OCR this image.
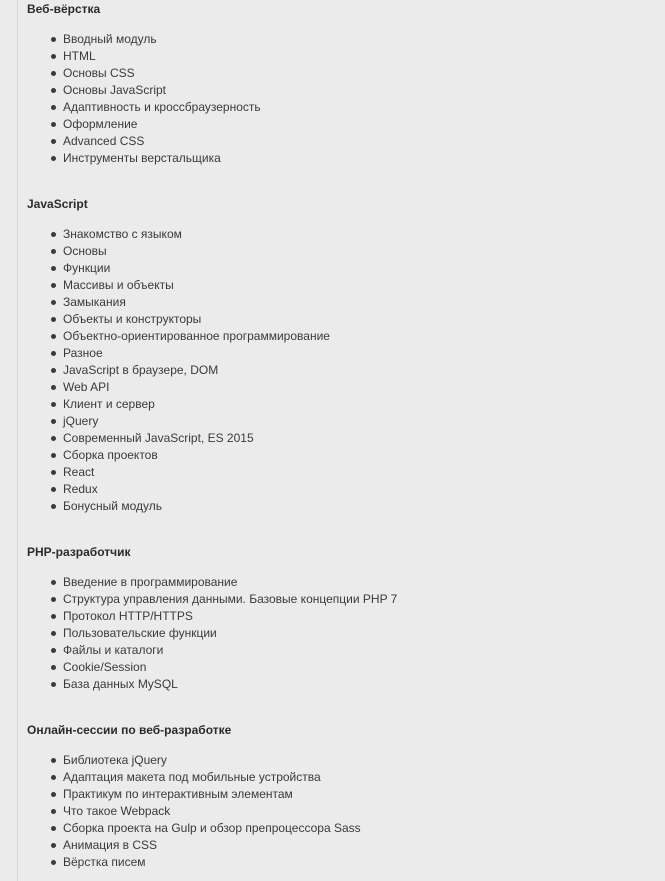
Веб-вёрстка
Вводный модуль
HTML
Основы CSS
Основы JavaScript
Адаптивность и кроссбраузерность
Оформление
Advanced CSS
Инструменты верстальщика
JavaScript
Знакомство с языком
Основы
Функции
Массивы и объекты
Замыкания
Объекты и конструкторы
Объектно-ориентированное программирование
Разное
JavaScript в браузере, DOM
Web API
Клиент и сервер
jQuery
Современный JavaScript, ES 2015
Сборка проектов
React
Redux
Бонусный модуль
PHP-разработчик
Введение в программирование
Структура управления данными. Базовые концепции PHP 7
Протокол HTTP/HTTPS
Пользовательские функции
Файлы и каталоги
Cookie/Session
База данных MySQL
Онлайн-сессии по веб-разработке
Библиотека jQuery
Адаптация макета под мобильные устройства
Практикум по интерактивным элементам
Что такое Webpack
Сборка проекта на Gulp и обзор препроцессора Sass
Анимация в CSS
Вёрстка писем
